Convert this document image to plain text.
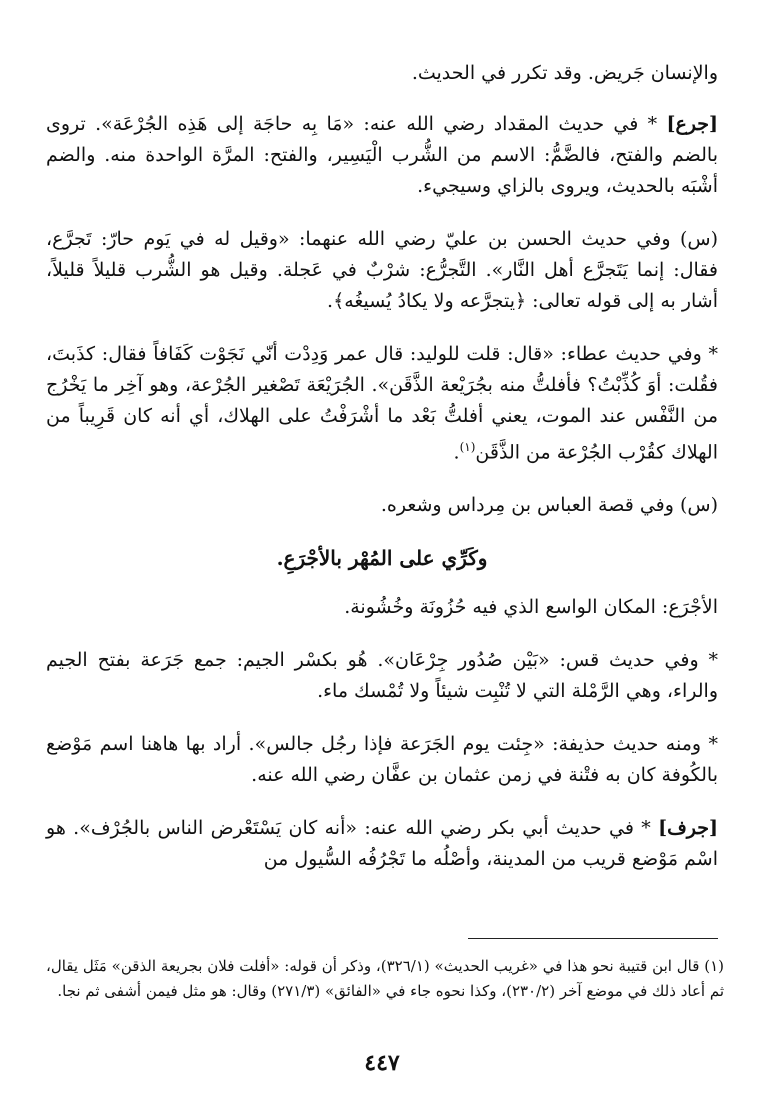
والإنسان جَريض. وقد تكرر في الحديث.

[جرع] * في حديث المقداد رضي الله عنه: «مَا بِه حاجَة إلى هَذِه الجُرْعَة». تروى بالضم والفتح، فالضَّمُّ: الاسم من الشُّرب الْيَسِير، والفتح: المرَّة الواحدة منه. والضم أشْبَه بالحديث، ويروى بالزاي وسيجيء.

(س) وفي حديث الحسن بن عليّ رضي الله عنهما: «وقيل له في يَوم حارّ: تَجرَّع، فقال: إنما يَتَجرَّع أهل النَّار». التَّجرُّع: شرْبٌ في عَجلة. وقيل هو الشُّرب قليلاً قليلاً، أشار به إلى قوله تعالى: ﴿يتجرَّعه ولا يكادُ يُسيغُه﴾.

* وفي حديث عطاء: «قال: قلت للوليد: قال عمر وَدِدْت أنّي نَجَوْت كَفَافاً فقال: كذَبتَ، فقُلت: أوَ كُذِّبْتُ؟ فأفلتُّ منه بجُرَيْعة الذَّقَن». الجُرَيْعَة تَصْغير الجُرْعة، وهو آخِر ما يَخْرُج من النَّفْس عند الموت، يعني أفلتُّ بَعْد ما أشْرَفْتُ على الهلاك، أي أنه كان قَرِيباً من الهلاك كقُرْب الجُرْعة من الذَّقَن$^{(١)}$.

(س) وفي قصة العباس بن مِرداس وشعره.

وكَرِّي على المُهْر بالأجْرَعِ.

الأجْرَع: المكان الواسع الذي فيه حُزُونَة وخُشُونة.

* وفي حديث قس: «بَيْن صُدُور جِرْعَان». هُو بكسْر الجيم: جمع جَرَعة بفتح الجيم والراء، وهي الرَّمْلة التي لا تُنْبِت شيئاً ولا تُمْسك ماء.

* ومنه حديث حذيفة: «جِئت يوم الجَرَعة فإذا رجُل جالس». أراد بها هاهنا اسم مَوْضع بالكُوفة كان به فتْنة في زمن عثمان بن عفَّان رضي الله عنه.

[جرف] * في حديث أبي بكر رضي الله عنه: «أنه كان يَسْتَعْرض الناس بالجُرْف». هو اسْم مَوْضع قريب من المدينة، وأصْلُه ما تَجْرُفُه السُّيول من

(١) قال ابن قتيبة نحو هذا في «غريب الحديث» (٣٢٦/١)، وذكر أن قوله: «أفلت فلان بجريعة الذقن» مَثَل يقال، ثم أعاد ذلك في موضع آخر (٢٣٠/٢)، وكذا نحوه جاء في «الفائق» (٢٧١/٣) وقال: هو مثل فيمن أشفى ثم نجا.

٤٤٧
